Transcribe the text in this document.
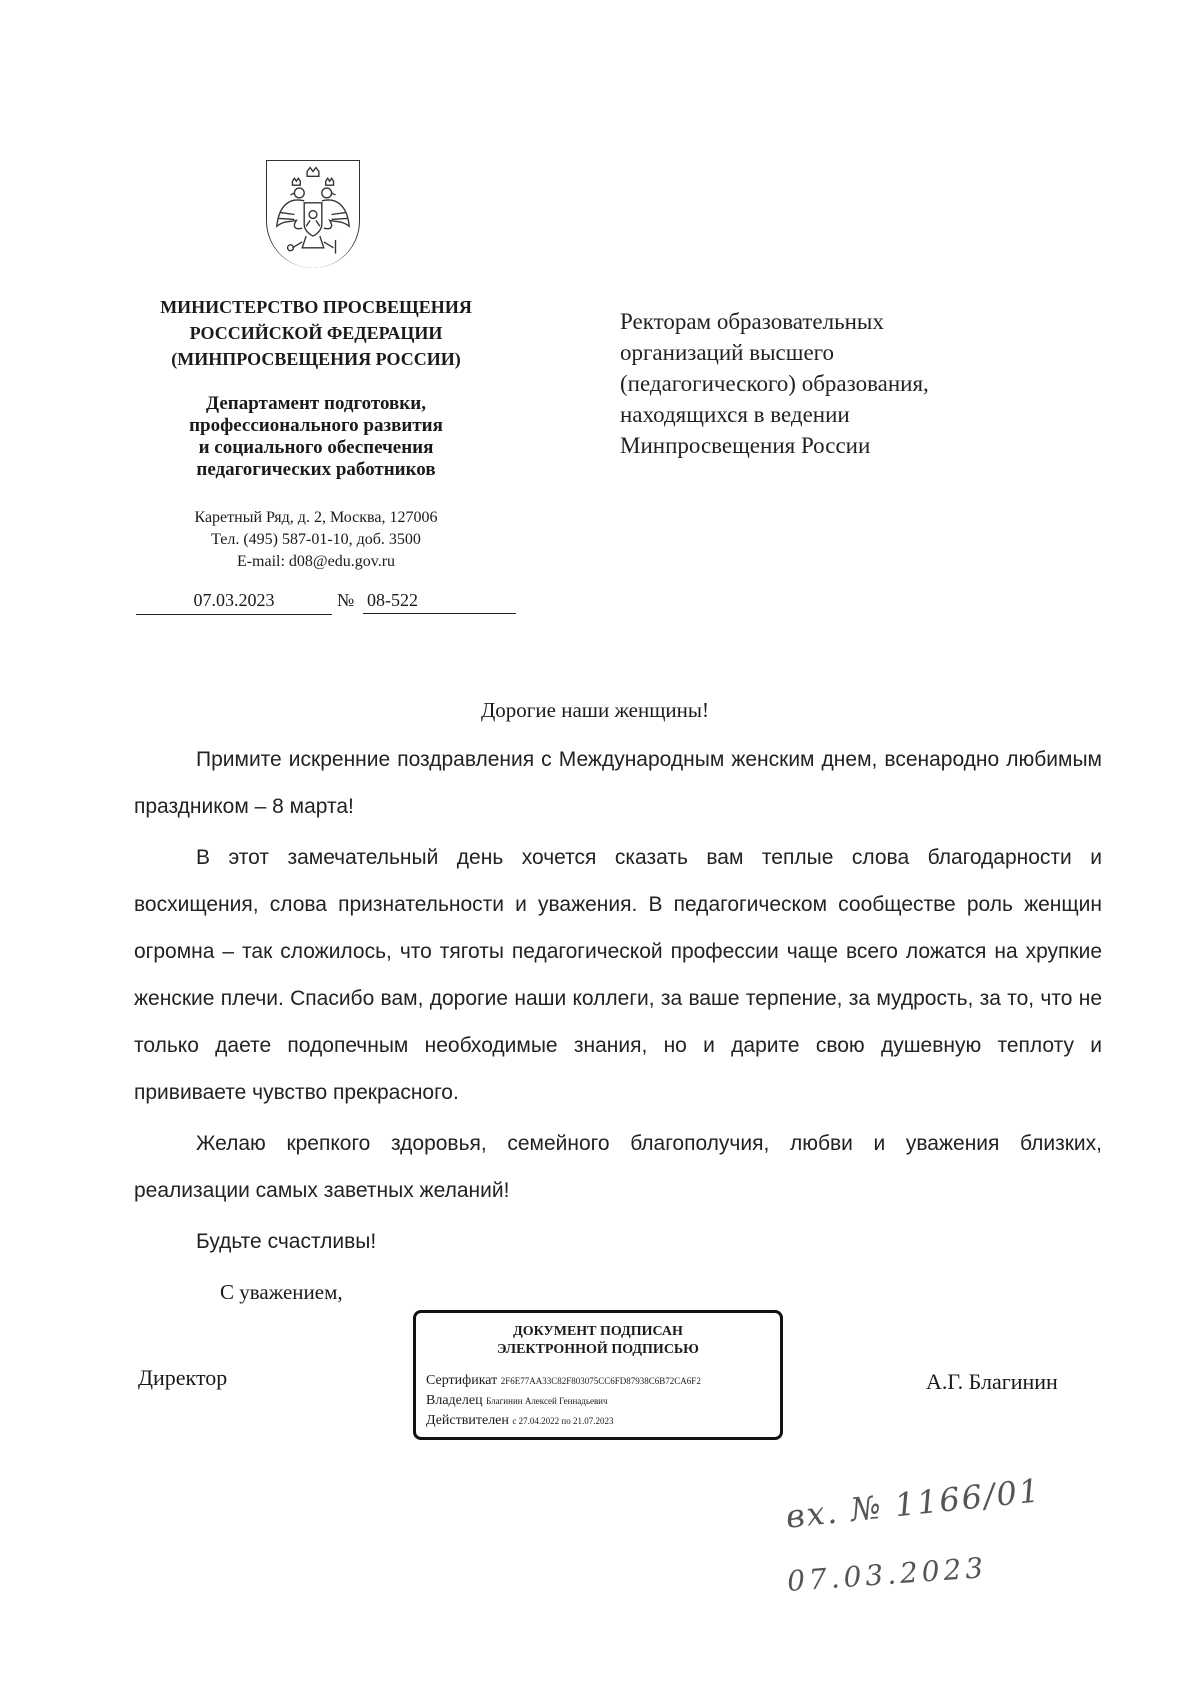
МИНИСТЕРСТВО ПРОСВЕЩЕНИЯ
РОССИЙСКОЙ ФЕДЕРАЦИИ
(МИНПРОСВЕЩЕНИЯ РОССИИ)
Департамент подготовки,
профессионального развития
и социального обеспечения
педагогических работников
Каретный Ряд, д. 2, Москва, 127006
Тел. (495) 587-01-10, доб. 3500
E-mail: d08@edu.gov.ru
07.03.2023	№ 08-522
Ректорам образовательных
организаций высшего
(педагогического) образования,
находящихся в ведении
Минпросвещения России
Дорогие наши женщины!

Примите искренние поздравления с Международным женским днем, всенародно любимым праздником – 8 марта!

В этот замечательный день хочется сказать вам теплые слова благодарности и восхищения, слова признательности и уважения. В педагогическом сообществе роль женщин огромна – так сложилось, что тяготы педагогической профессии чаще всего ложатся на хрупкие женские плечи. Спасибо вам, дорогие наши коллеги, за ваше терпение, за мудрость, за то, что не только даете подопечным необходимые знания, но и дарите свою душевную теплоту и прививаете чувство прекрасного.

Желаю крепкого здоровья, семейного благополучия, любви и уважения близких, реализации самых заветных желаний!

Будьте счастливы!

С уважением,
Директор	А.Г. Благинин
ДОКУМЕНТ ПОДПИСАН
ЭЛЕКТРОННОЙ ПОДПИСЬЮ
Сертификат 2F6E77AA33C82F803075CC6FD87938C6B72CA6F2
Владелец Благинин Алексей Геннадьевич
Действителен с 27.04.2022 по 21.07.2023
вх. № 1166/01
07.03.2023
